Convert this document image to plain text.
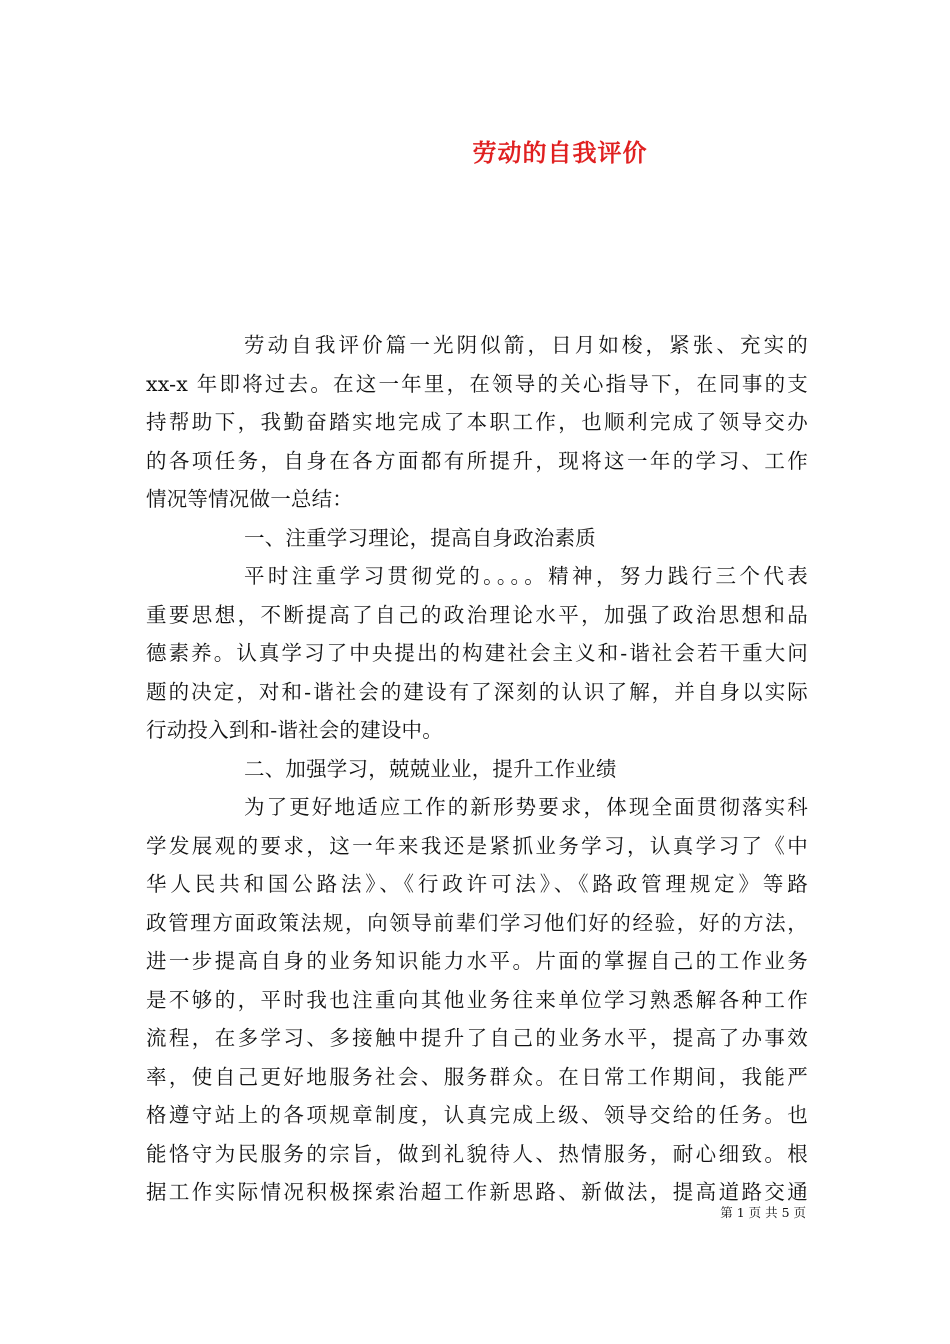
劳动的自我评价
劳动自我评价篇一光阴似箭，日月如梭，紧张、充实的
xx-x 年即将过去。在这一年里，在领导的关心指导下，在同事的支
持帮助下，我勤奋踏实地完成了本职工作，也顺利完成了领导交办
的各项任务，自身在各方面都有所提升，现将这一年的学习、工作
情况等情况做一总结：
一、注重学习理论，提高自身政治素质
平时注重学习贯彻党的。。。。精神，努力践行三个代表
重要思想，不断提高了自己的政治理论水平，加强了政治思想和品
德素养。认真学习了中央提出的构建社会主义和-谐社会若干重大问
题的决定，对和-谐社会的建设有了深刻的认识了解，并自身以实际
行动投入到和-谐社会的建设中。
二、加强学习，兢兢业业，提升工作业绩
为了更好地适应工作的新形势要求，体现全面贯彻落实科
学发展观的要求，这一年来我还是紧抓业务学习，认真学习了《中
华人民共和国公路法》、《行政许可法》、《路政管理规定》等路
政管理方面政策法规，向领导前辈们学习他们好的经验，好的方法，
进一步提高自身的业务知识能力水平。片面的掌握自己的工作业务
是不够的，平时我也注重向其他业务往来单位学习熟悉解各种工作
流程，在多学习、多接触中提升了自己的业务水平，提高了办事效
率，使自己更好地服务社会、服务群众。在日常工作期间，我能严
格遵守站上的各项规章制度，认真完成上级、领导交给的任务。也
能恪守为民服务的宗旨，做到礼貌待人、热情服务，耐心细致。根
据工作实际情况积极探索治超工作新思路、新做法，提高道路交通
第 1 页 共 5 页
